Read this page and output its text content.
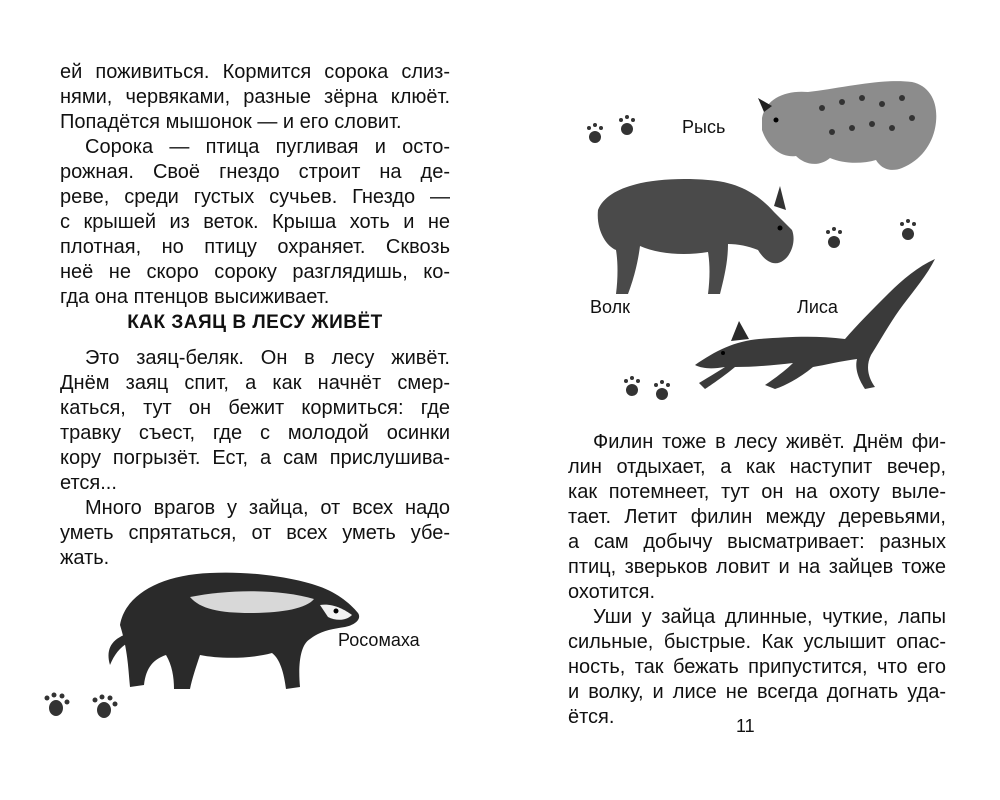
ей поживиться. Кормится сорока слиз-
нями, червяками, разные зёрна клюёт.
Попадётся мышонок — и его словит.

Сорока — птица пугливая и осто-
рожная. Своё гнездо строит на де-
реве, среди густых сучьев. Гнездо —
с крышей из веток. Крыша хоть и не
плотная, но птицу охраняет. Сквозь
неё не скоро сороку разглядишь, ко-
гда она птенцов высиживает.

КАК ЗАЯЦ В ЛЕСУ ЖИВЁТ

Это заяц-беляк. Он в лесу живёт.
Днём заяц спит, а как начнёт смер-
каться, тут он бежит кормиться: где
травку съест, где с молодой осинки
кору погрызёт. Ест, а сам прислушива-
ется...

Много врагов у зайца, от всех надо
уметь спрятаться, от всех уметь убе-
жать.

Росомаха

Рысь

Волк	Лиса

Филин тоже в лесу живёт. Днём фи-
лин отдыхает, а как наступит вечер,
как потемнеет, тут он на охоту выле-
тает. Летит филин между деревьями,
а сам добычу высматривает: разных
птиц, зверьков ловит и на зайцев тоже
охотится.

Уши у зайца длинные, чуткие, лапы
сильные, быстрые. Как услышит опас-
ность, так бежать припустится, что его
и волку, и лисе не всегда догнать уда-
ётся.	11
